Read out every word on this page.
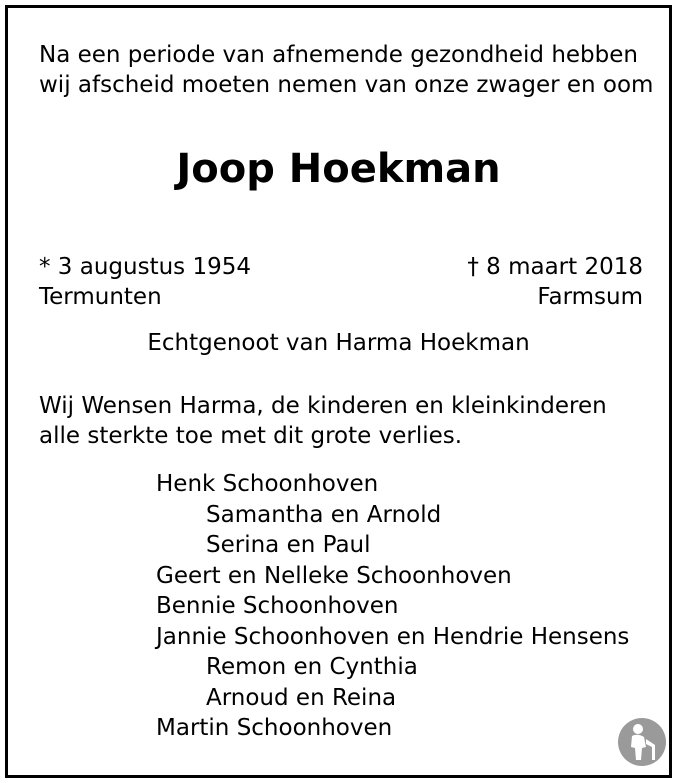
Na een periode van afnemende gezondheid hebben
wij afscheid moeten nemen van onze zwager en oom
Joop Hoekman
* 3 augustus 1954
Termunten
† 8 maart 2018
Farmsum
Echtgenoot van Harma Hoekman
Wij Wensen Harma, de kinderen en kleinkinderen
alle sterkte toe met dit grote verlies.
Henk Schoonhoven
Samantha en Arnold
Serina en Paul
Geert en Nelleke Schoonhoven
Bennie Schoonhoven
Jannie Schoonhoven en Hendrie Hensens
Remon en Cynthia
Arnoud en Reina
Martin Schoonhoven
